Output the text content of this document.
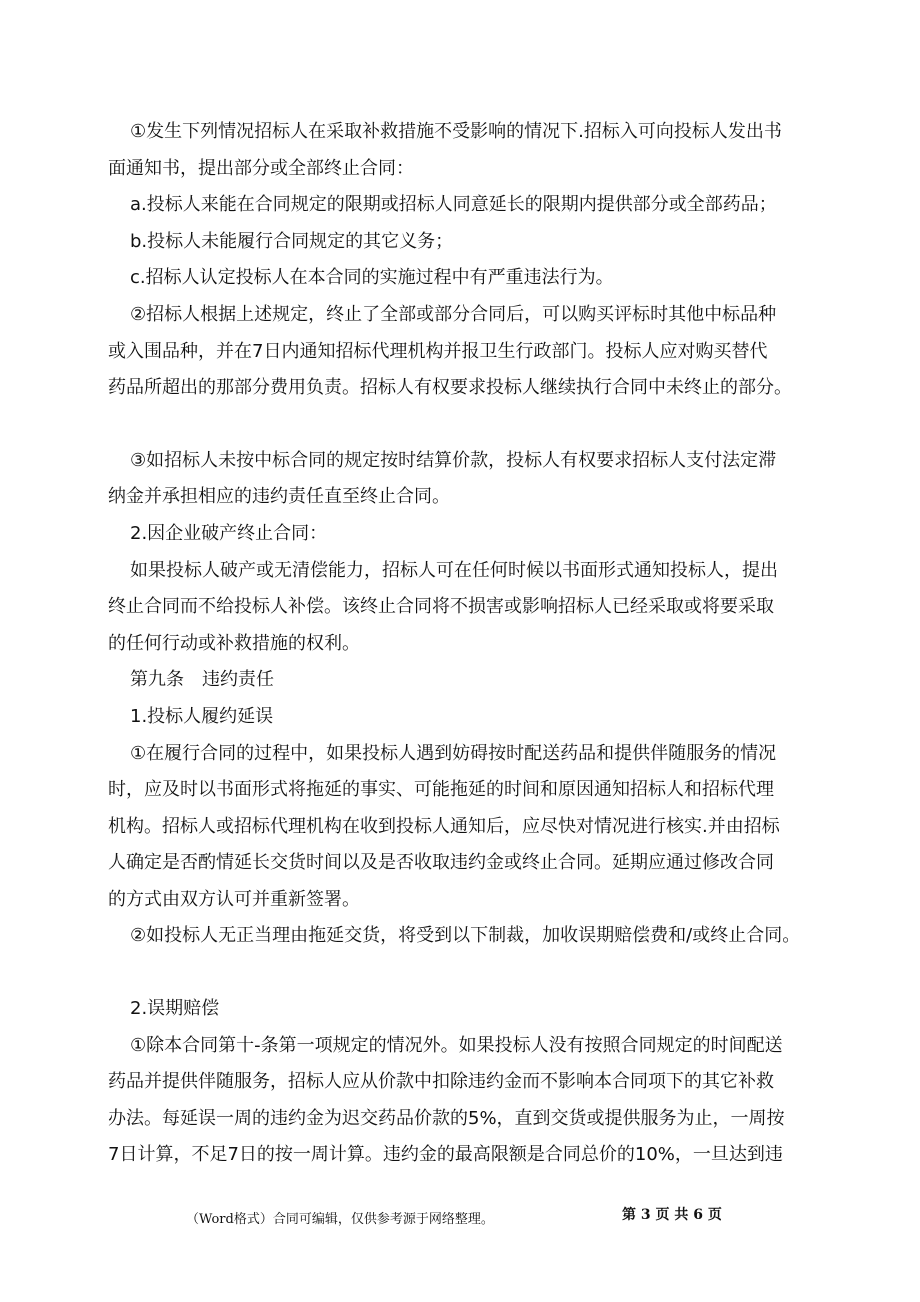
①发生下列情况招标人在采取补救措施不受影响的情况下.招标入可向投标人发出书
面通知书，提出部分或全部终止合同：
a.投标人来能在合同规定的限期或招标人同意延长的限期内提供部分或全部药品；
b.投标人未能履行合同规定的其它义务；
c.招标人认定投标人在本合同的实施过程中有严重违法行为。
②招标人根据上述规定，终止了全部或部分合同后，可以购买评标时其他中标品种
或入围品种，并在7日内通知招标代理机构并报卫生行政部门。投标人应对购买替代
药品所超出的那部分费用负责。招标人有权要求投标人继续执行合同中未终止的部分。
③如招标人未按中标合同的规定按时结算价款，投标人有权要求招标人支付法定滞
纳金并承担相应的违约责任直至终止合同。
2.因企业破产终止合同：
如果投标人破产或无清偿能力，招标人可在任何时候以书面形式通知投标人，提出
终止合同而不给投标人补偿。该终止合同将不损害或影响招标人已经采取或将要采取
的任何行动或补救措施的权利。
第九条　违约责任
1.投标人履约延误
①在履行合同的过程中，如果投标人遇到妨碍按时配送药品和提供伴随服务的情况
时，应及时以书面形式将拖延的事实、可能拖延的时间和原因通知招标人和招标代理
机构。招标人或招标代理机构在收到投标人通知后，应尽快对情况进行核实.并由招标
人确定是否酌情延长交货时间以及是否收取违约金或终止合同。延期应通过修改合同
的方式由双方认可并重新签署。
②如投标人无正当理由拖延交货，将受到以下制裁，加收误期赔偿费和/或终止合同。
2.误期赔偿
①除本合同第十-条第一项规定的情况外。如果投标人没有按照合同规定的时间配送
药品并提供伴随服务，招标人应从价款中扣除违约金而不影响本合同项下的其它补救
办法。每延误一周的违约金为迟交药品价款的5%，直到交货或提供服务为止，一周按
7日计算，不足7日的按一周计算。违约金的最高限额是合同总价的10%，一旦达到违
（Word格式）合同可编辑，仅供参考源于网络整理。	第 3 页 共 6 页
